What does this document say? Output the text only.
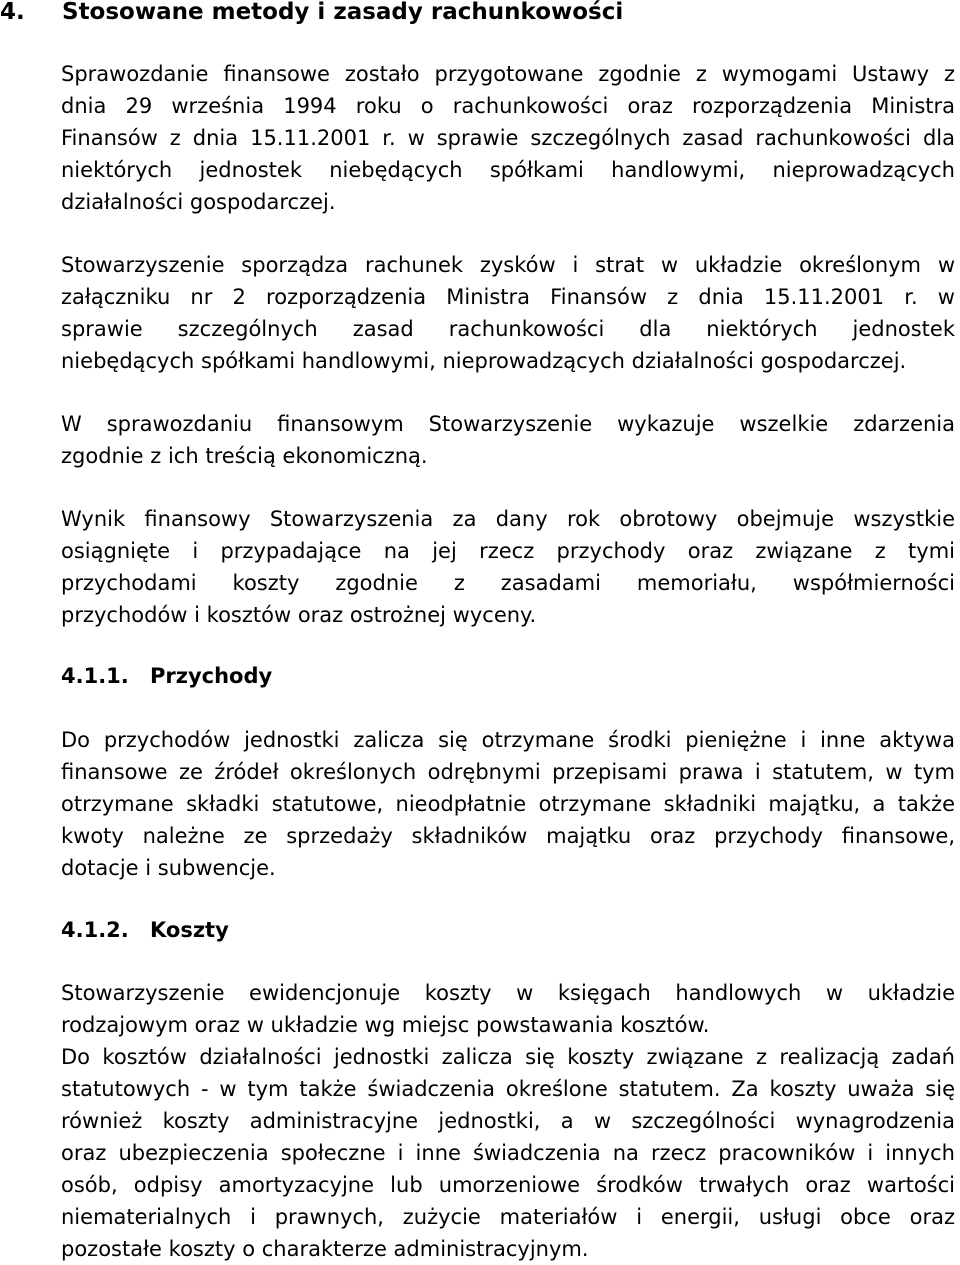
4. Stosowane metody i zasady rachunkowości
Sprawozdanie finansowe zostało przygotowane zgodnie z wymogami Ustawy z
dnia 29 września 1994 roku o rachunkowości oraz rozporządzenia Ministra
Finansów z dnia 15.11.2001 r. w sprawie szczególnych zasad rachunkowości dla
niektórych jednostek niebędących spółkami handlowymi, nieprowadzących
działalności gospodarczej.
Stowarzyszenie sporządza rachunek zysków i strat w układzie określonym w
załączniku nr 2 rozporządzenia Ministra Finansów z dnia 15.11.2001 r. w
sprawie szczególnych zasad rachunkowości dla niektórych jednostek
niebędących spółkami handlowymi, nieprowadzących działalności gospodarczej.
W sprawozdaniu finansowym Stowarzyszenie wykazuje wszelkie zdarzenia
zgodnie z ich treścią ekonomiczną.
Wynik finansowy Stowarzyszenia za dany rok obrotowy obejmuje wszystkie
osiągnięte i przypadające na jej rzecz przychody oraz związane z tymi
przychodami koszty zgodnie z zasadami memoriału, współmierności
przychodów i kosztów oraz ostrożnej wyceny.
4.1.1. Przychody
Do przychodów jednostki zalicza się otrzymane środki pieniężne i inne aktywa
finansowe ze źródeł określonych odrębnymi przepisami prawa i statutem, w tym
otrzymane składki statutowe, nieodpłatnie otrzymane składniki majątku, a także
kwoty należne ze sprzedaży składników majątku oraz przychody finansowe,
dotacje i subwencje.
4.1.2. Koszty
Stowarzyszenie ewidencjonuje koszty w księgach handlowych w układzie
rodzajowym oraz w układzie wg miejsc powstawania kosztów.
Do kosztów działalności jednostki zalicza się koszty związane z realizacją zadań
statutowych - w tym także świadczenia określone statutem. Za koszty uważa się
również koszty administracyjne jednostki, a w szczególności wynagrodzenia
oraz ubezpieczenia społeczne i inne świadczenia na rzecz pracowników i innych
osób, odpisy amortyzacyjne lub umorzeniowe środków trwałych oraz wartości
niematerialnych i prawnych, zużycie materiałów i energii, usługi obce oraz
pozostałe koszty o charakterze administracyjnym.
